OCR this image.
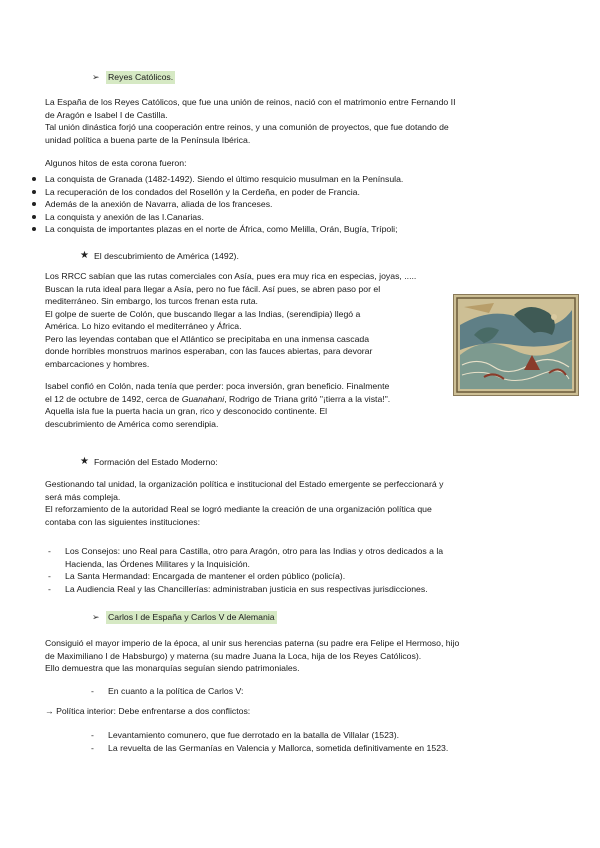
➢ Reyes Católicos.

La España de los Reyes Católicos, que fue una unión de reinos, nació con el matrimonio entre Fernando II

de Aragón e Isabel I de Castilla.

Tal unión dinástica forjó una cooperación entre reinos, y una comunión de proyectos, que fue dotando de

unidad política a buena parte de la Península Ibérica.

Algunos hitos de esta corona fueron:
La conquista de Granada (1482-1492). Siendo el último resquicio musulman en la Península.
La recuperación de los condados del Rosellón y la Cerdeña, en poder de Francia.
Además de la anexión de Navarra, aliada de los franceses.
La conquista y anexión de las I.Canarias.
La conquista de importantes plazas en el norte de África, como Melilla, Orán, Bugía, Trípoli;
★ El descubrimiento de América (1492).

Los RRCC sabían que las rutas comerciales con Asía, pues era muy rica en especias, joyas, .....

Buscan la ruta ideal para llegar a Asía, pero no fue fácil. Así pues, se abren paso por el

mediterráneo. Sin embargo, los turcos frenan esta ruta.

El golpe de suerte de Colón, que buscando llegar a las Indias, (serendipia) llegó a

América. Lo hizo evitando el mediterráneo y África.

Pero las leyendas contaban que el Atlántico se precipitaba en una inmensa cascada

donde horribles monstruos marinos esperaban, con las fauces abiertas, para devorar

embarcaciones y hombres.

Isabel confió en Colón, nada tenía que perder: poca inversión, gran beneficio. Finalmente

el 12 de octubre de 1492, cerca de Guanahani, Rodrigo de Triana gritó "¡tierra a la vista!".

Aquella isla fue la puerta hacia un gran, rico y desconocido continente. El

descubrimiento de América como serendipia.

★ Formación del Estado Moderno:

Gestionando tal unidad, la organización política e institucional del Estado emergente se perfeccionará y

será más compleja.

El reforzamiento de la autoridad Real se logró mediante la creación de una organización política que

contaba con las siguientes instituciones:

- Los Consejos: uno Real para Castilla, otro para Aragón, otro para las Indias y otros dedicados a la
Hacienda, las Órdenes Militares y la Inquisición.
- La Santa Hermandad: Encargada de mantener el orden público (policía).
- La Audiencia Real y las Chancillerías: administraban justicia en sus respectivas jurisdicciones.
➢ Carlos I de España y Carlos V de Alemania

Consiguió el mayor imperio de la época, al unir sus herencias paterna (su padre era Felipe el Hermoso, hijo

de Maximiliano I de Habsburgo) y materna (su madre Juana la Loca, hija de los Reyes Católicos).

Ello demuestra que las monarquías seguían siendo patrimoniales.

- En cuanto a la política de Carlos V:
→ Política interior: Debe enfrentarse a dos conflictos:
- Levantamiento comunero, que fue derrotado en la batalla de Villalar (1523).
- La revuelta de las Germanías en Valencia y Mallorca, sometida definitivamente en 1523.
